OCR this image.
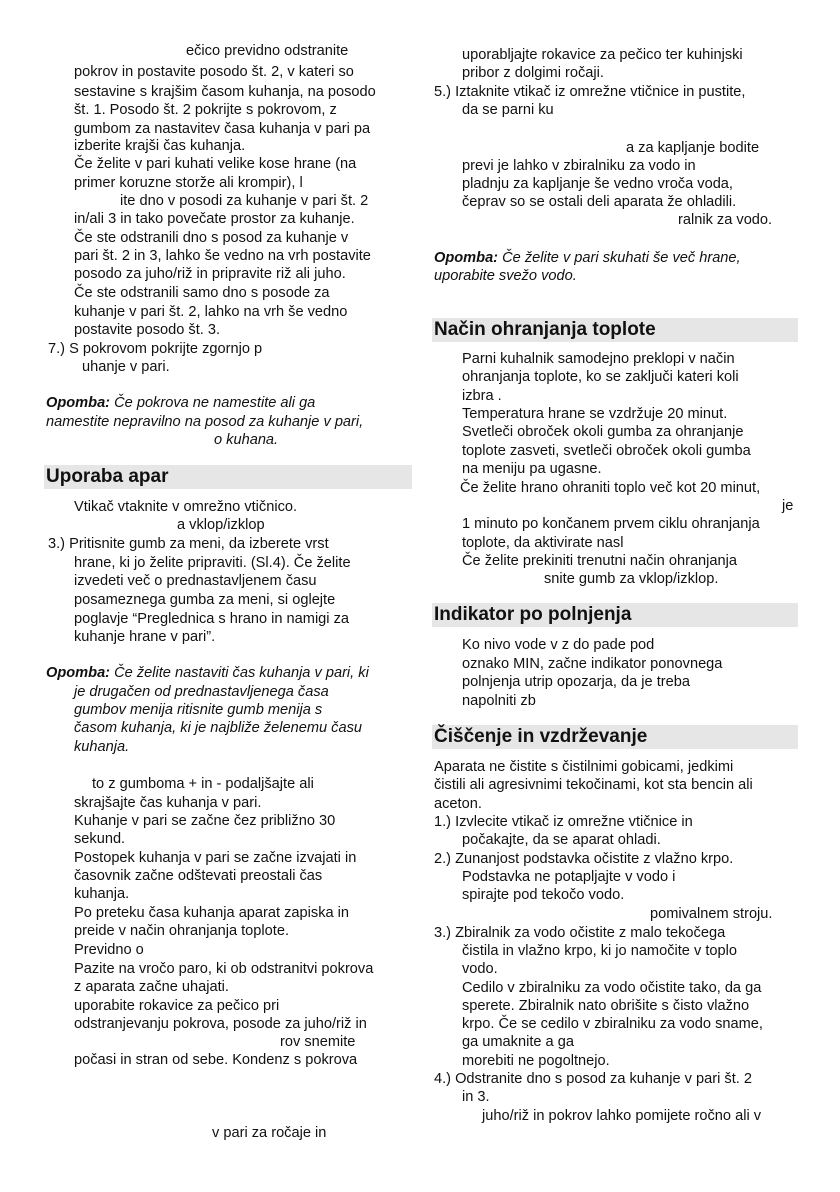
Uporaba apar
ečico previdno odstranite
pokrov in postavite posodo št. 2, v kateri so
sestavine s krajšim časom kuhanja, na posodo
št. 1. Posodo št. 2 pokrijte s pokrovom, z
gumbom za nastavitev časa kuhanja v pari pa
izberite krajši čas kuhanja.
Če želite v pari kuhati velike kose hrane (na
primer koruzne storže ali krompir), l
ite dno v posodi za kuhanje v pari št. 2
in/ali 3 in tako povečate prostor za kuhanje.
Če ste odstranili dno s posod za kuhanje v
pari št. 2 in 3, lahko še vedno na vrh postavite
posodo za juho/riž in pripravite riž ali juho.
Če ste odstranili samo dno s posode za
kuhanje v pari št. 2, lahko na vrh še vedno
postavite posodo št. 3.
7.) S pokrovom pokrijte zgornjo p
uhanje v pari.
Opomba: Če pokrova ne namestite ali ga
namestite nepravilno na posod za kuhanje v pari,
o kuhana.
Vtikač vtaknite v omrežno vtičnico.
a vklop/izklop
3.) Pritisnite gumb za meni, da izberete vrst
hrane, ki jo želite pripraviti. (Sl.4). Če želite
izvedeti več o prednastavljenem času
posameznega gumba za meni, si oglejte
poglavje “Preglednica s hrano in namigi za
kuhanje hrane v pari”.
Opomba: Če želite nastaviti čas kuhanja v pari, ki
je drugačen od prednastavljenega časa
gumbov menija ritisnite gumb menija s
časom kuhanja, ki je najbliže želenemu času
kuhanja.
to z gumboma + in - podaljšajte ali
skrajšajte čas kuhanja v pari.
Kuhanje v pari se začne čez približno 30
sekund.
Postopek kuhanja v pari se začne izvajati in
časovnik začne odštevati preostali čas
kuhanja.
Po preteku časa kuhanja aparat zapiska in
preide v način ohranjanja toplote.
Previdno o
Pazite na vročo paro, ki ob odstranitvi pokrova
z aparata začne uhajati.
uporabite rokavice za pečico pri
odstranjevanju pokrova, posode za juho/riž in
rov snemite
počasi in stran od sebe. Kondenz s pokrova
v pari za ročaje in
Način ohranjanja toplote
Indikator po polnjenja
Čiščenje in vzdrževanje
uporabljajte rokavice za pečico ter kuhinjski
pribor z dolgimi ročaji.
5.) Iztaknite vtikač iz omrežne vtičnice in pustite,
da se parni ku
a za kapljanje bodite
previ je lahko v zbiralniku za vodo in
pladnju za kapljanje še vedno vroča voda,
čeprav so se ostali deli aparata že ohladili.
ralnik za vodo.
Opomba: Če želite v pari skuhati še več hrane,
uporabite svežo vodo.
Parni kuhalnik samodejno preklopi v način
ohranjanja toplote, ko se zaključi kateri koli
izbra .
Temperatura hrane se vzdržuje 20 minut.
Svetleči obroček okoli gumba za ohranjanje
toplote zasveti, svetleči obroček okoli gumba
na meniju pa ugasne.
Če želite hrano ohraniti toplo več kot 20 minut,
je
1 minuto po končanem prvem ciklu ohranjanja
toplote, da aktivirate nasl
Če želite prekiniti trenutni način ohranjanja
snite gumb za vklop/izklop.
Ko nivo vode v z do pade pod
oznako MIN, začne indikator ponovnega
polnjenja utrip opozarja, da je treba
napolniti zb
Aparata ne čistite s čistilnimi gobicami, jedkimi
čistili ali agresivnimi tekočinami, kot sta bencin ali
aceton.
1.) Izvlecite vtikač iz omrežne vtičnice in
počakajte, da se aparat ohladi.
2.) Zunanjost podstavka očistite z vlažno krpo.
Podstavka ne potapljajte v vodo i
spirajte pod tekočo vodo.
pomivalnem stroju.
3.) Zbiralnik za vodo očistite z malo tekočega
čistila in vlažno krpo, ki jo namočite v toplo
vodo.
Cedilo v zbiralniku za vodo očistite tako, da ga
sperete. Zbiralnik nato obrišite s čisto vlažno
krpo. Če se cedilo v zbiralniku za vodo sname,
ga umaknite a ga
morebiti ne pogoltnejo.
4.) Odstranite dno s posod za kuhanje v pari št. 2
in 3.
juho/riž in pokrov lahko pomijete ročno ali v
